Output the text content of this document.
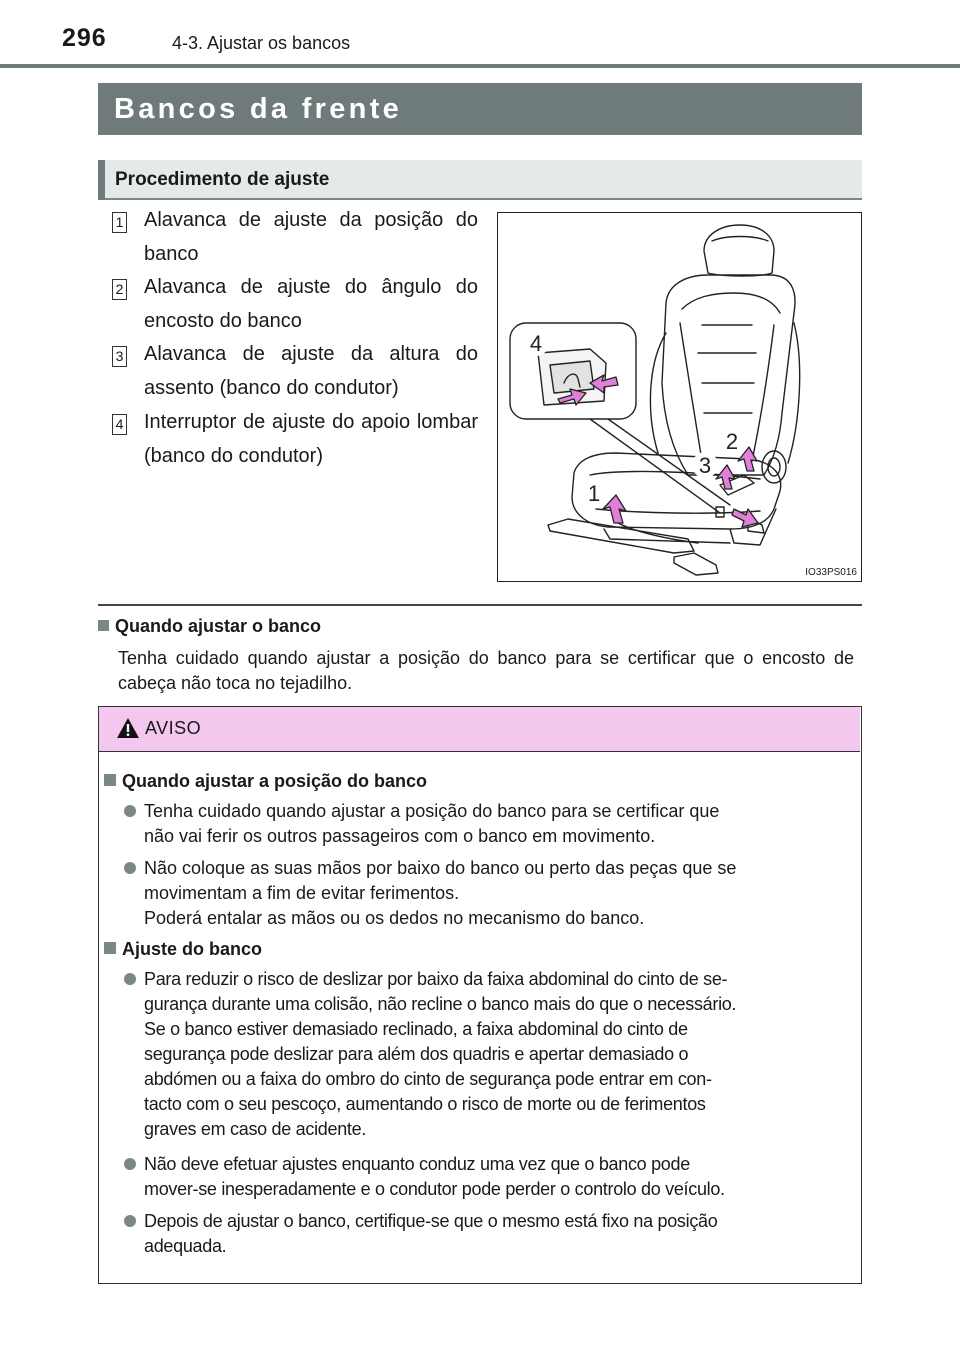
296	4-3. Ajustar os bancos
Bancos da frente
Procedimento de ajuste
1 Alavanca de ajuste da posição do banco
2 Alavanca de ajuste do ângulo do encosto do banco
3 Alavanca de ajuste da altura do assento (banco do condutor)
4 Interruptor de ajuste do apoio lombar (banco do condutor)
4
2
3
1
IO33PS016
Quando ajustar o banco
Tenha cuidado quando ajustar a posição do banco para se certificar que o encosto de cabeça não toca no tejadilho.
AVISO
Quando ajustar a posição do banco
Tenha cuidado quando ajustar a posição do banco para se certificar que
não vai ferir os outros passageiros com o banco em movimento.
Não coloque as suas mãos por baixo do banco ou perto das peças que se
movimentam a fim de evitar ferimentos.
Poderá entalar as mãos ou os dedos no mecanismo do banco.
Ajuste do banco
Para reduzir o risco de deslizar por baixo da faixa abdominal do cinto de se-
gurança durante uma colisão, não recline o banco mais do que o necessário.
Se o banco estiver demasiado reclinado, a faixa abdominal do cinto de
segurança pode deslizar para além dos quadris e apertar demasiado o
abdómen ou a faixa do ombro do cinto de segurança pode entrar em con-
tacto com o seu pescoço, aumentando o risco de morte ou de ferimentos
graves em caso de acidente.
Não deve efetuar ajustes enquanto conduz uma vez que o banco pode
mover-se inesperadamente e o condutor pode perder o controlo do veículo.
Depois de ajustar o banco, certifique-se que o mesmo está fixo na posição
adequada.
